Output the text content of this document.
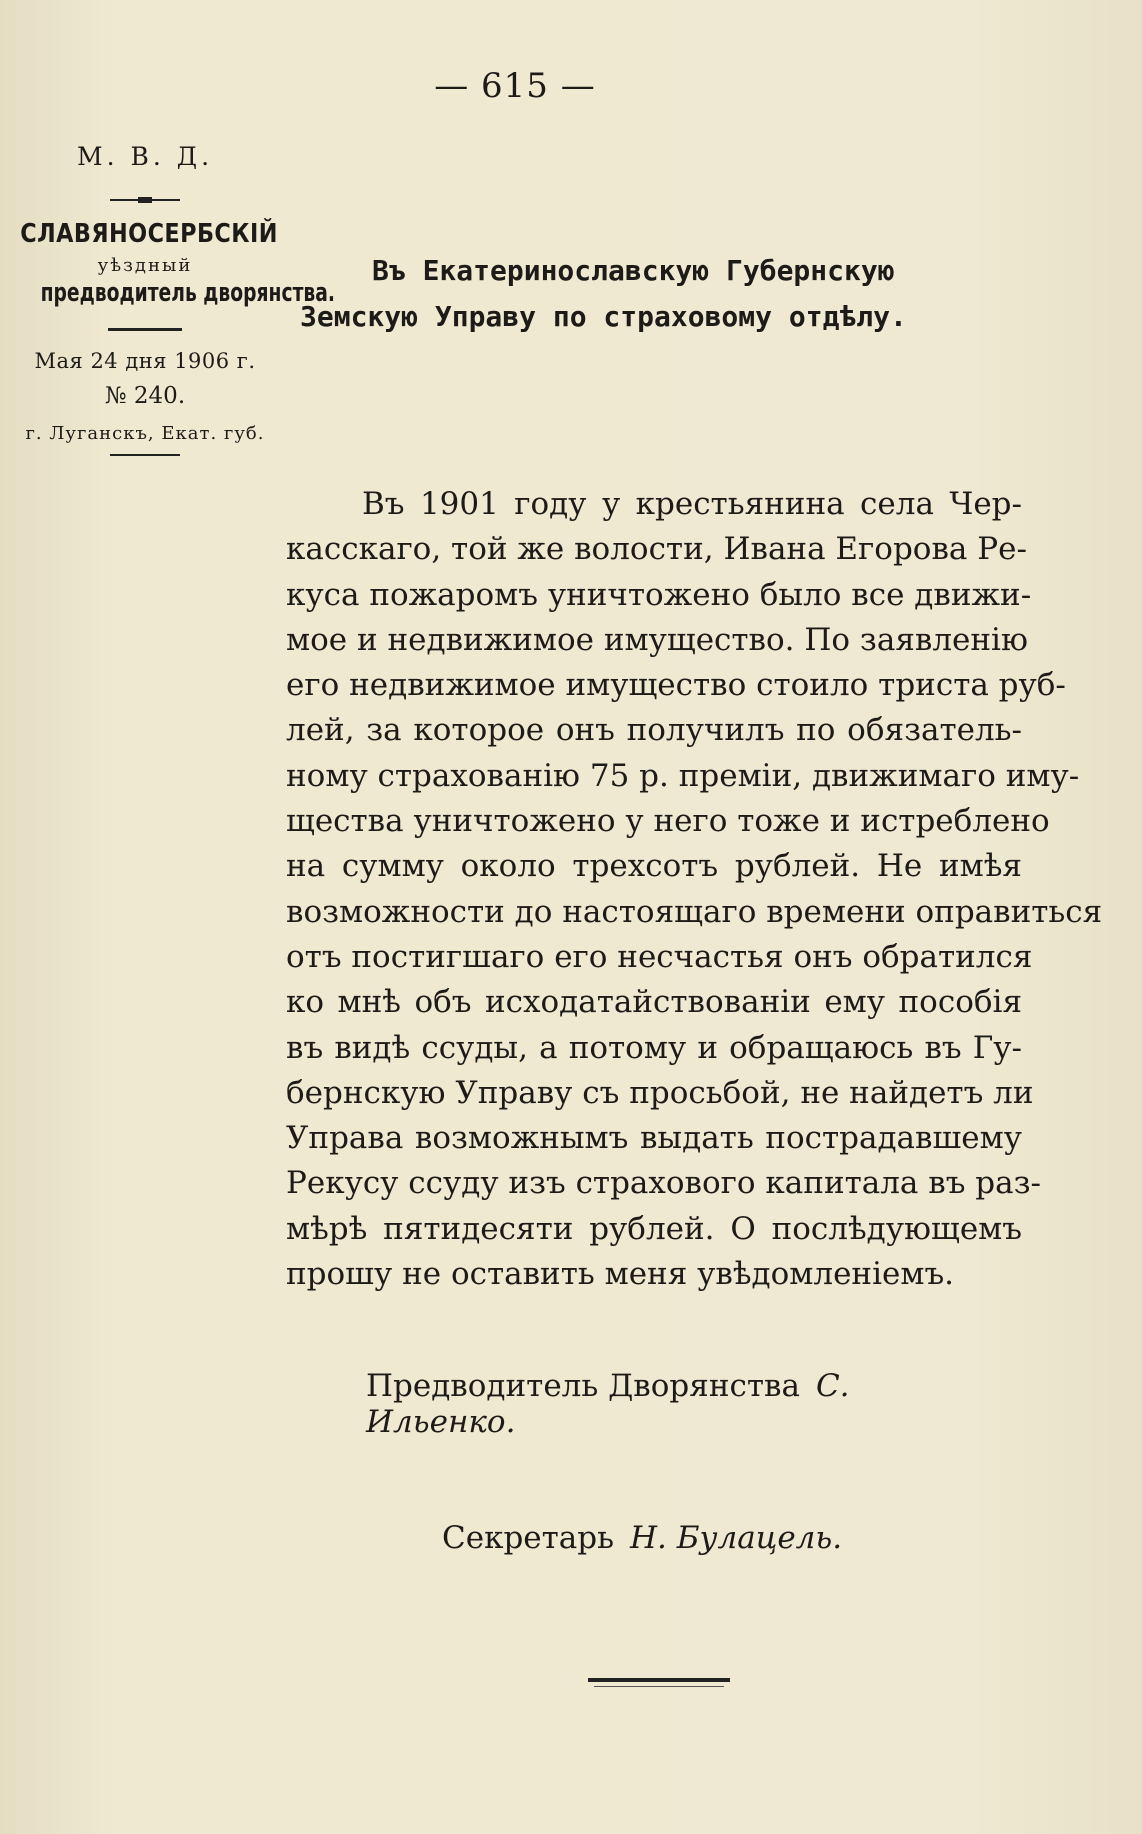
— 615 —
М. В. Д.
СЛАВЯНОСЕРБСКІЙ
уѣздный
предводитель дворянства.
Мая 24 дня 1906 г.
№ 240.
г. Луганскъ, Екат. губ.
Въ Екатеринославскую Губернскую
Земскую Управу по страховому отдѣлу.
Въ 1901 году у крестьянина села Чер-
касскаго, той же волости, Ивана Егорова Ре-
куса пожаромъ уничтожено было все движи-
мое и недвижимое имущество. По заявленію
его недвижимое имущество стоило триста руб-
лей, за которое онъ получилъ по обязатель-
ному страхованію 75 р. преміи, движимаго иму-
щества уничтожено у него тоже и истреблено
на сумму около трехсотъ рублей. Не имѣя
возможности до настоящаго времени оправиться
отъ постигшаго его несчастья онъ обратился
ко мнѣ объ исходатайствованіи ему пособія
въ видѣ ссуды, а потому и обращаюсь въ Гу-
бернскую Управу съ просьбой, не найдетъ ли
Управа возможнымъ выдать пострадавшему
Рекусу ссуду изъ страхового капитала въ раз-
мѣрѣ пятидесяти рублей. О послѣдующемъ
прошу не оставить меня увѣдомленіемъ.
Предводитель Дворянства С. Ильенко.
Секретарь Н. Булацель.
